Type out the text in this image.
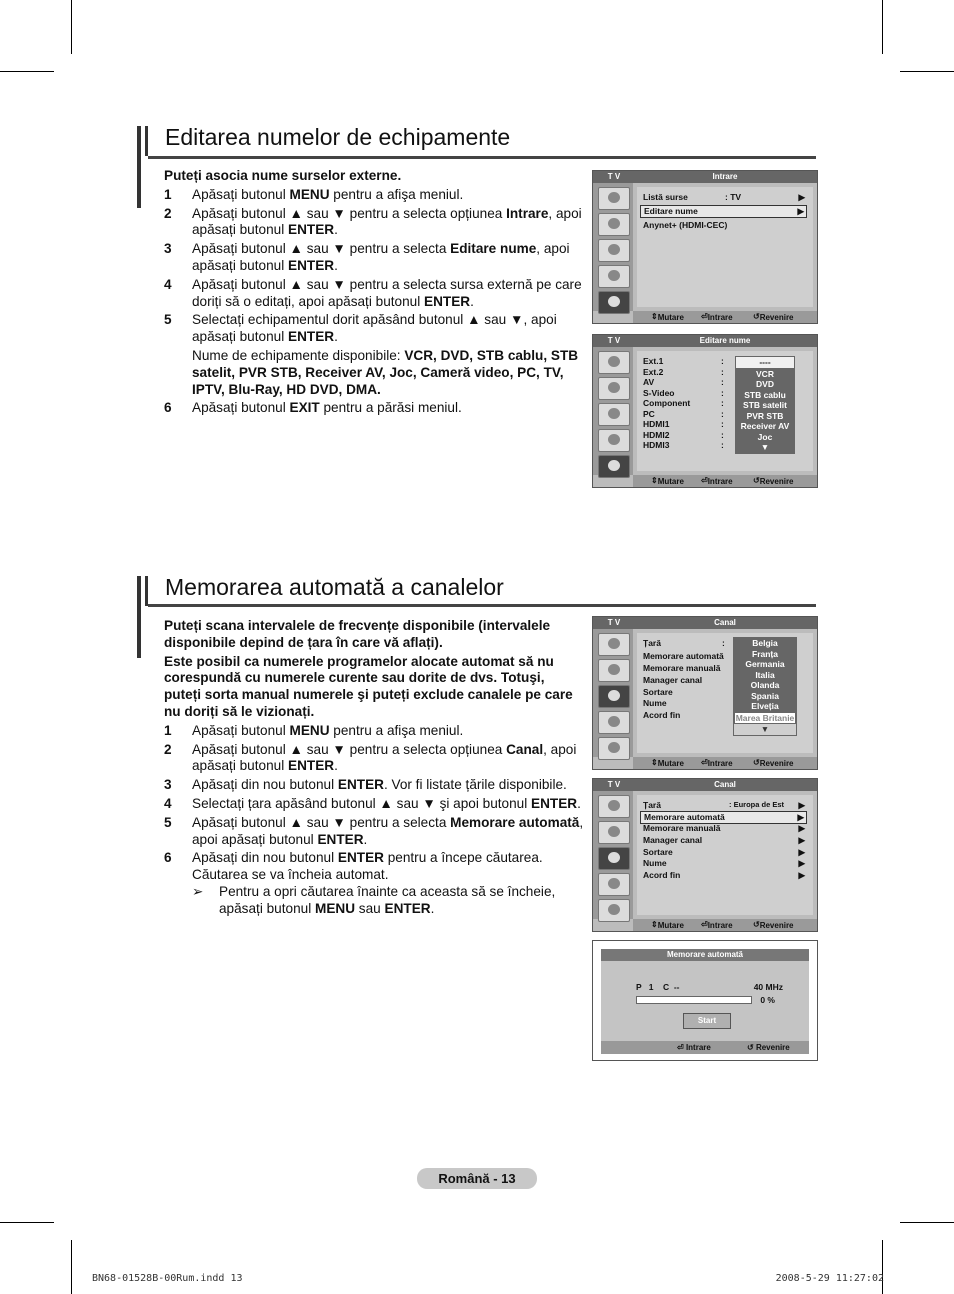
Editarea numelor de echipamente
Puteți asocia nume surselor externe.
1	Apăsați butonul MENU pentru a afişa meniul.
2	Apăsați butonul ▲ sau ▼ pentru a selecta opțiunea Intrare, apoi apăsați butonul ENTER.
3	Apăsați butonul ▲ sau ▼ pentru a selecta Editare nume, apoi apăsați butonul ENTER.
4	Apăsați butonul ▲ sau ▼ pentru a selecta sursa externă pe care doriți să o editați, apoi apăsați butonul ENTER.
5	Selectați echipamentul dorit apăsând butonul ▲ sau ▼, apoi apăsați butonul ENTER.
Nume de echipamente disponibile: VCR, DVD, STB cablu, STB satelit, PVR STB, Receiver AV, Joc, Cameră video, PC, TV, IPTV, Blu-Ray, HD DVD, DMA.
6	Apăsați butonul EXIT pentru a părăsi meniul.
Memorarea automată a canalelor
Puteți scana intervalele de frecvențe disponibile (intervalele disponibile depind de țara în care vă aflați).
Este posibil ca numerele programelor alocate automat să nu corespundă cu numerele curente sau dorite de dvs. Totuşi, puteți sorta manual numerele şi puteți exclude canalele pe care nu doriți să le vizionați.
1	Apăsați butonul MENU pentru a afişa meniul.
2	Apăsați butonul ▲ sau ▼ pentru a selecta opțiunea Canal, apoi apăsați butonul ENTER.
3	Apăsați din nou butonul ENTER. Vor fi listate țările disponibile.
4	Selectați țara apăsând butonul ▲ sau ▼ şi apoi butonul ENTER.
5	Apăsați butonul ▲ sau ▼ pentru a selecta Memorare automată, apoi apăsați butonul ENTER.
6	Apăsați din nou butonul ENTER pentru a începe căutarea. Căutarea se va încheia automat.
➢	Pentru a opri căutarea înainte ca aceasta să se încheie, apăsați butonul MENU sau ENTER.
T V	Intrare
Listă surse	: TV	▶
Editare nume	▶
Anynet+ (HDMI-CEC)
⇕ Mutare ⏎ Intrare	↺ Revenire
T V	Editare nume
Ext.1	:
Ext.2	:
AV	:
S-Video	:
Component	:
PC	:
HDMI1	:
HDMI2	:
HDMI3	:
----
VCR
DVD
STB cablu
STB satelit
PVR STB
Receiver AV
Joc
▼
⇕ Mutare ⏎ Intrare	↺ Revenire
T V	Canal
Țară
Memorare automată
Memorare manuală
Manager canal
Sortare
Nume
Acord fin
:	Belgia
Franța
Germania
Italia
Olanda
Spania
Elveția
Marea Britanie
▼
⇕ Mutare ⏎ Intrare	↺ Revenire
T V	Canal
Țară	: Europa de Est ▶
Memorare automată	▶
Memorare manuală	▶
Manager canal	▶
Sortare	▶
Nume	▶
Acord fin	▶
⇕ Mutare ⏎ Intrare	↺ Revenire
Memorare automată
P 1 C --	40 MHz
0 %
Start
⏎ Intrare	↺ Revenire
Română - 13
BN68-01528B-00Rum.indd 13	2008-5-29 11:27:02
